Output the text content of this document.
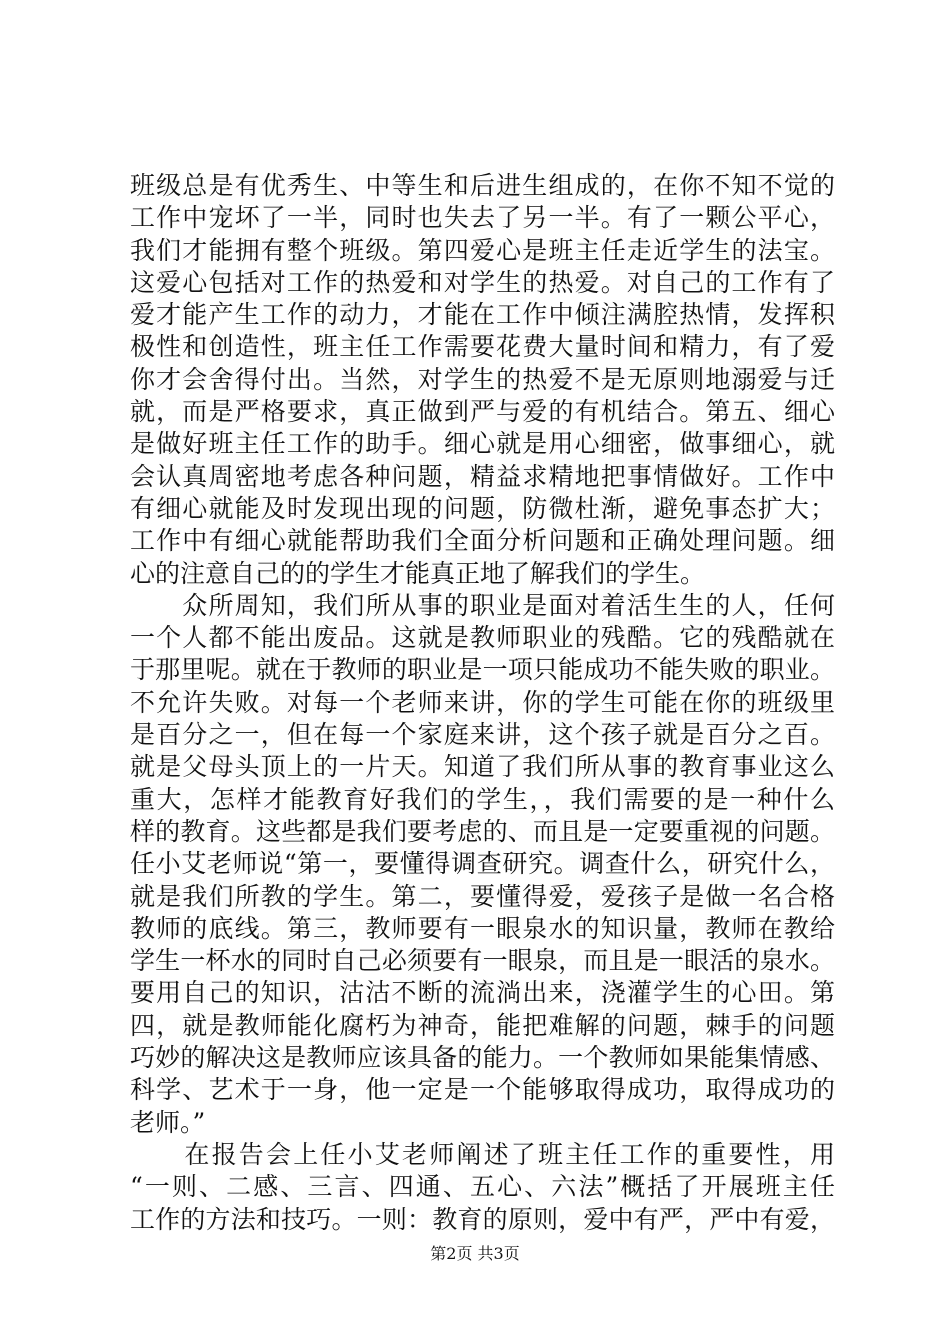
班级总是有优秀生、中等生和后进生组成的，在你不知不觉的
工作中宠坏了一半，同时也失去了另一半。有了一颗公平心，
我们才能拥有整个班级。第四爱心是班主任走近学生的法宝。
这爱心包括对工作的热爱和对学生的热爱。对自己的工作有了
爱才能产生工作的动力，才能在工作中倾注满腔热情，发挥积
极性和创造性，班主任工作需要花费大量时间和精力，有了爱
你才会舍得付出。当然，对学生的热爱不是无原则地溺爱与迁
就，而是严格要求，真正做到严与爱的有机结合。第五、细心
是做好班主任工作的助手。细心就是用心细密，做事细心，就
会认真周密地考虑各种问题，精益求精地把事情做好。工作中
有细心就能及时发现出现的问题，防微杜渐，避免事态扩大；
工作中有细心就能帮助我们全面分析问题和正确处理问题。细
心的注意自己的的学生才能真正地了解我们的学生。
　　众所周知，我们所从事的职业是面对着活生生的人，任何
一个人都不能出废品。这就是教师职业的残酷。它的残酷就在
于那里呢。就在于教师的职业是一项只能成功不能失败的职业。
不允许失败。对每一个老师来讲，你的学生可能在你的班级里
是百分之一，但在每一个家庭来讲，这个孩子就是百分之百。
就是父母头顶上的一片天。知道了我们所从事的教育事业这么
重大，怎样才能教育好我们的学生，，我们需要的是一种什么
样的教育。这些都是我们要考虑的、而且是一定要重视的问题。
任小艾老师说“第一，要懂得调查研究。调查什么，研究什么，
就是我们所教的学生。第二，要懂得爱，爱孩子是做一名合格
教师的底线。第三，教师要有一眼泉水的知识量，教师在教给
学生一杯水的同时自己必须要有一眼泉，而且是一眼活的泉水。
要用自己的知识，沽沽不断的流淌出来，浇灌学生的心田。第
四，就是教师能化腐朽为神奇，能把难解的问题，棘手的问题
巧妙的解决这是教师应该具备的能力。一个教师如果能集情感、
科学、艺术于一身，他一定是一个能够取得成功，取得成功的
老师。”
　　在报告会上任小艾老师阐述了班主任工作的重要性，用
“一则、二感、三言、四通、五心、六法”概括了开展班主任
工作的方法和技巧。一则：教育的原则，爱中有严，严中有爱，
第2页 共3页
